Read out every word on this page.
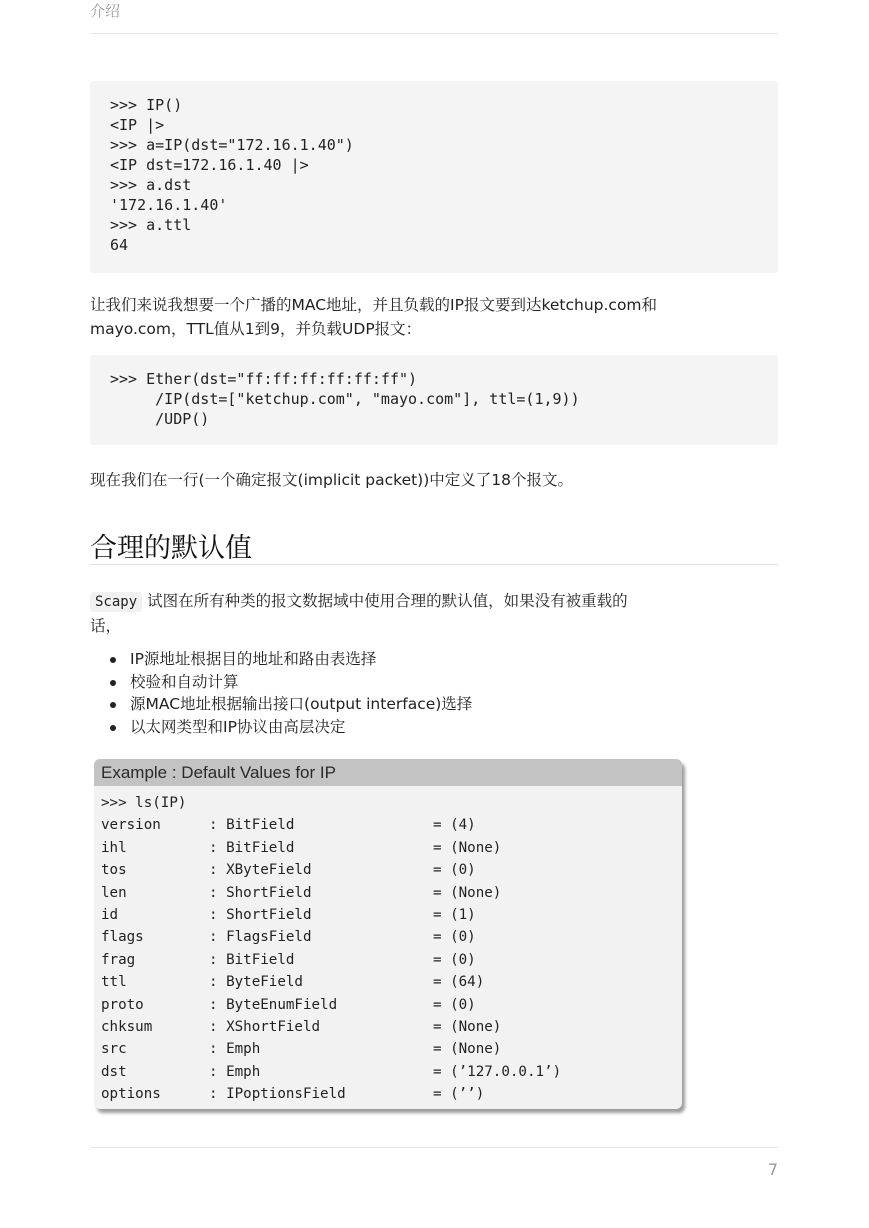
介绍
>>> IP()
<IP |>
>>> a=IP(dst="172.16.1.40")
<IP dst=172.16.1.40 |>
>>> a.dst
'172.16.1.40'
>>> a.ttl
64
让我们来说我想要一个广播的MAC地址，并且负载的IP报文要到达ketchup.com和
mayo.com，TTL值从1到9，并负载UDP报文：
>>> Ether(dst="ff:ff:ff:ff:ff:ff")
/IP(dst=["ketchup.com", "mayo.com"], ttl=(1,9))
/UDP()
现在我们在一行(一个确定报文(implicit packet))中定义了18个报文。
合理的默认值
Scapy 试图在所有种类的报文数据域中使用合理的默认值，如果没有被重载的
话，
IP源地址根据目的地址和路由表选择
校验和自动计算
源MAC地址根据输出接口(output interface)选择
以太网类型和IP协议由高层决定
Example : Default Values for IP
>>> ls(IP)
version	: BitField	= (4)
ihl	: BitField	= (None)
tos	: XByteField	= (0)
len	: ShortField	= (None)
id	: ShortField	= (1)
flags	: FlagsField	= (0)
frag	: BitField	= (0)
ttl	: ByteField	= (64)
proto	: ByteEnumField	= (0)
chksum	: XShortField	= (None)
src	: Emph	= (None)
dst	: Emph	= (’127.0.0.1’)
options	: IPoptionsField	= (’’)
7
